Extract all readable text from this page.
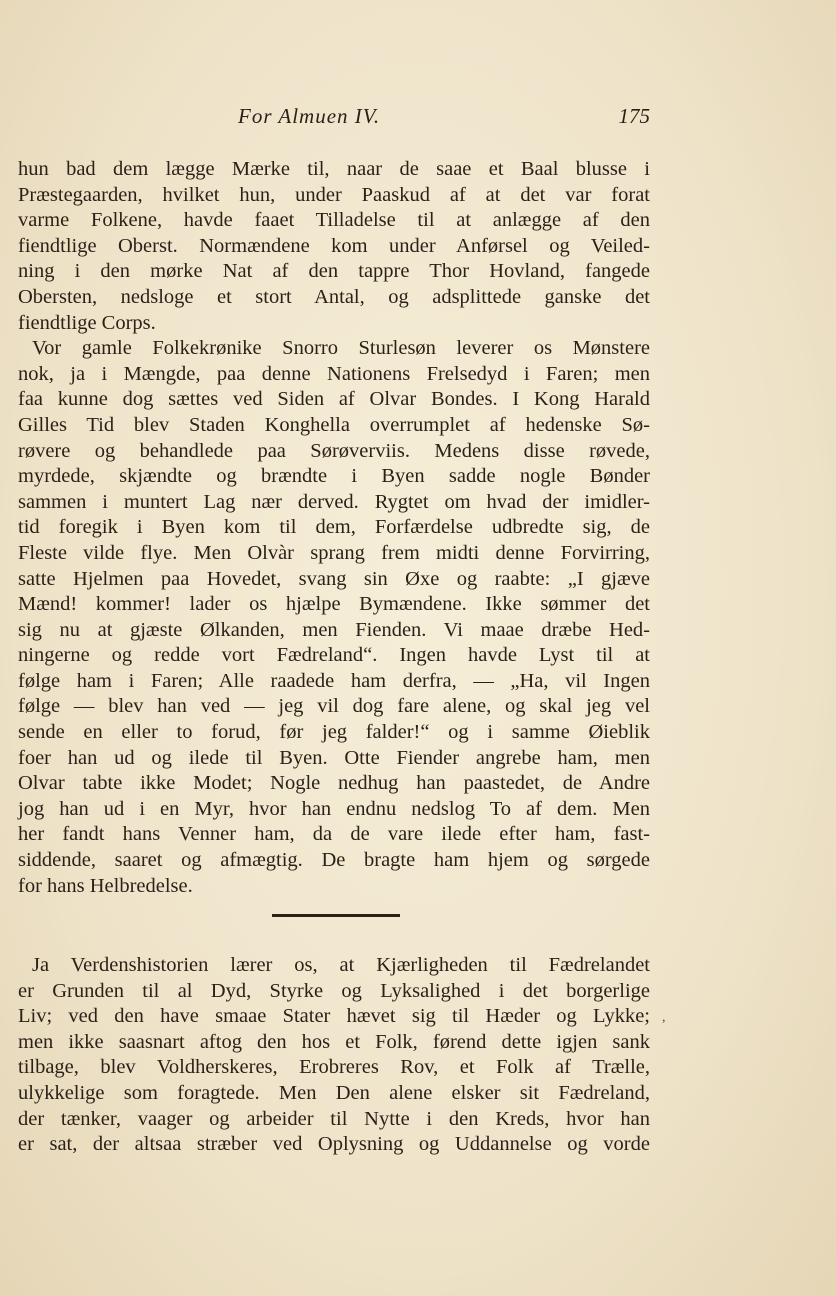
For Almuen IV.	175
hun bad dem lægge Mærke til, naar de saae et Baal blusse i
Præstegaarden, hvilket hun, under Paaskud af at det var forat
varme Folkene, havde faaet Tilladelse til at anlægge af den
fiendtlige Oberst. Normændene kom under Anførsel og Veiled-
ning i den mørke Nat af den tappre Thor Hovland, fangede
Obersten, nedsloge et stort Antal, og adsplittede ganske det
fiendtlige Corps.
Vor gamle Folkekrønike Snorro Sturlesøn leverer os Mønstere
nok, ja i Mængde, paa denne Nationens Frelsedyd i Faren; men
faa kunne dog sættes ved Siden af Olvar Bondes. I Kong Harald
Gilles Tid blev Staden Konghella overrumplet af hedenske Sø-
røvere og behandlede paa Sørøverviis. Medens disse røvede,
myrdede, skjændte og brændte i Byen sadde nogle Bønder
sammen i muntert Lag nær derved. Rygtet om hvad der imidler-
tid foregik i Byen kom til dem, Forfærdelse udbredte sig, de
Fleste vilde flye. Men Olvàr sprang frem midti denne Forvirring,
satte Hjelmen paa Hovedet, svang sin Øxe og raabte: „I gjæve
Mænd! kommer! lader os hjælpe Bymændene. Ikke sømmer det
sig nu at gjæste Ølkanden, men Fienden. Vi maae dræbe Hed-
ningerne og redde vort Fædreland“. Ingen havde Lyst til at
følge ham i Faren; Alle raadede ham derfra, — „Ha, vil Ingen
følge — blev han ved — jeg vil dog fare alene, og skal jeg vel
sende en eller to forud, før jeg falder!“ og i samme Øieblik
foer han ud og ilede til Byen. Otte Fiender angrebe ham, men
Olvar tabte ikke Modet; Nogle nedhug han paastedet, de Andre
jog han ud i en Myr, hvor han endnu nedslog To af dem. Men
her fandt hans Venner ham, da de vare ilede efter ham, fast-
siddende, saaret og afmægtig. De bragte ham hjem og sørgede
for hans Helbredelse.
Ja Verdenshistorien lærer os, at Kjærligheden til Fædrelandet
er Grunden til al Dyd, Styrke og Lyksalighed i det borgerlige
Liv; ved den have smaae Stater hævet sig til Hæder og Lykke;
men ikke saasnart aftog den hos et Folk, førend dette igjen sank
tilbage, blev Voldherskeres, Erobreres Rov, et Folk af Trælle,
ulykkelige som foragtede. Men Den alene elsker sit Fædreland,
der tænker, vaager og arbeider til Nytte i den Kreds, hvor han
er sat, der altsaa stræber ved Oplysning og Uddannelse og vorde
,
